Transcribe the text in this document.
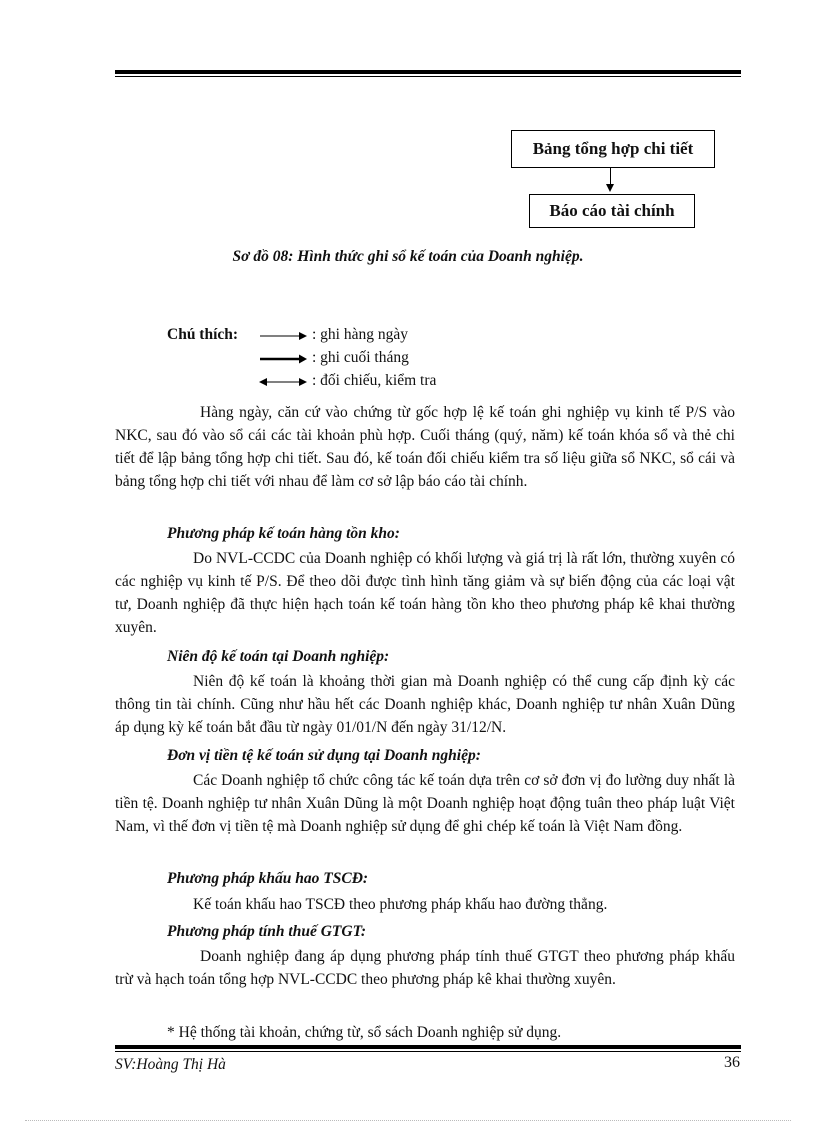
Bảng tổng hợp chi tiết
Báo cáo tài chính
Sơ đồ 08: Hình thức ghi sổ kế toán của Doanh nghiệp.
Chú thích:	: ghi hàng ngày
: ghi cuối tháng
: đối chiếu, kiểm tra
Hàng ngày, căn cứ vào chứng từ gốc hợp lệ kế toán ghi nghiệp vụ kinh tế P/S vào NKC, sau đó vào sổ cái các tài khoản phù hợp. Cuối tháng (quý, năm) kế toán khóa sổ và thẻ chi tiết để lập bảng tổng hợp chi tiết. Sau đó, kế toán đối chiếu kiểm tra số liệu giữa sổ NKC, sổ cái và bảng tổng hợp chi tiết với nhau để làm cơ sở lập báo cáo tài chính.
Phương pháp kế toán hàng tồn kho:
Do NVL-CCDC của Doanh nghiệp có khối lượng và giá trị là rất lớn, thường xuyên có các nghiệp vụ kinh tế P/S. Để theo dõi được tình hình tăng giảm và sự biến động của các loại vật tư, Doanh nghiệp đã thực hiện hạch toán kế toán hàng tồn kho theo phương pháp kê khai thường xuyên.
Niên độ kế toán tại Doanh nghiệp:
Niên độ kế toán là khoảng thời gian mà Doanh nghiệp có thể cung cấp định kỳ các thông tin tài chính. Cũng như hầu hết các Doanh nghiệp khác, Doanh nghiệp tư nhân Xuân Dũng áp dụng kỳ kế toán bắt đầu từ ngày 01/01/N đến ngày 31/12/N.
Đơn vị tiền tệ kế toán sử dụng tại Doanh nghiệp:
Các Doanh nghiệp tổ chức công tác kế toán dựa trên cơ sở đơn vị đo lường duy nhất là tiền tệ. Doanh nghiệp tư nhân Xuân Dũng là một Doanh nghiệp hoạt động tuân theo pháp luật Việt Nam, vì thế đơn vị tiền tệ mà Doanh nghiệp sử dụng để ghi chép kế toán là Việt Nam đồng.
Phương pháp khấu hao TSCĐ:
Kế toán khấu hao TSCĐ theo phương pháp khấu hao đường thẳng.
Phương pháp tính thuế GTGT:
Doanh nghiệp đang áp dụng phương pháp tính thuế GTGT theo phương pháp khấu trừ và hạch toán tổng hợp NVL-CCDC theo phương pháp kê khai thường xuyên.
* Hệ thống tài khoản, chứng từ, sổ sách Doanh nghiệp sử dụng.
SV:Hoàng Thị Hà	36
